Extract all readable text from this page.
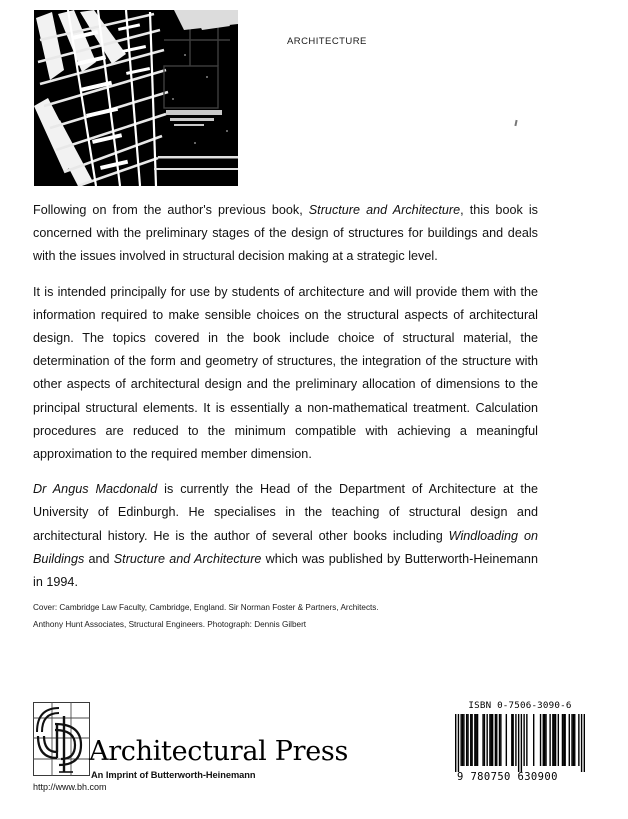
ARCHITECTURE

Following on from the author's previous book, Structure and Architecture, this book is concerned with the preliminary stages of the design of structures for buildings and deals with the issues involved in structural decision making at a strategic level.

It is intended principally for use by students of architecture and will provide them with the information required to make sensible choices on the structural aspects of architectural design. The topics covered in the book include choice of structural material, the determination of the form and geometry of structures, the integration of the structure with other aspects of architectural design and the preliminary allocation of dimensions to the principal structural elements. It is essentially a non-mathematical treatment. Calculation procedures are reduced to the minimum compatible with achieving a meaningful approximation to the required member dimension.

Dr Angus Macdonald is currently the Head of the Department of Architecture at the University of Edinburgh. He specialises in the teaching of structural design and architectural history. He is the author of several other books including Windloading on Buildings and Structure and Architecture which was published by Butterworth-Heinemann in 1994.

Cover: Cambridge Law Faculty, Cambridge, England. Sir Norman Foster & Partners, Architects.
Anthony Hunt Associates, Structural Engineers. Photograph: Dennis Gilbert
Architectural Press
An Imprint of Butterworth-Heinemann
http://www.bh.com
ISBN 0-7506-3090-6
9 780750 630900
